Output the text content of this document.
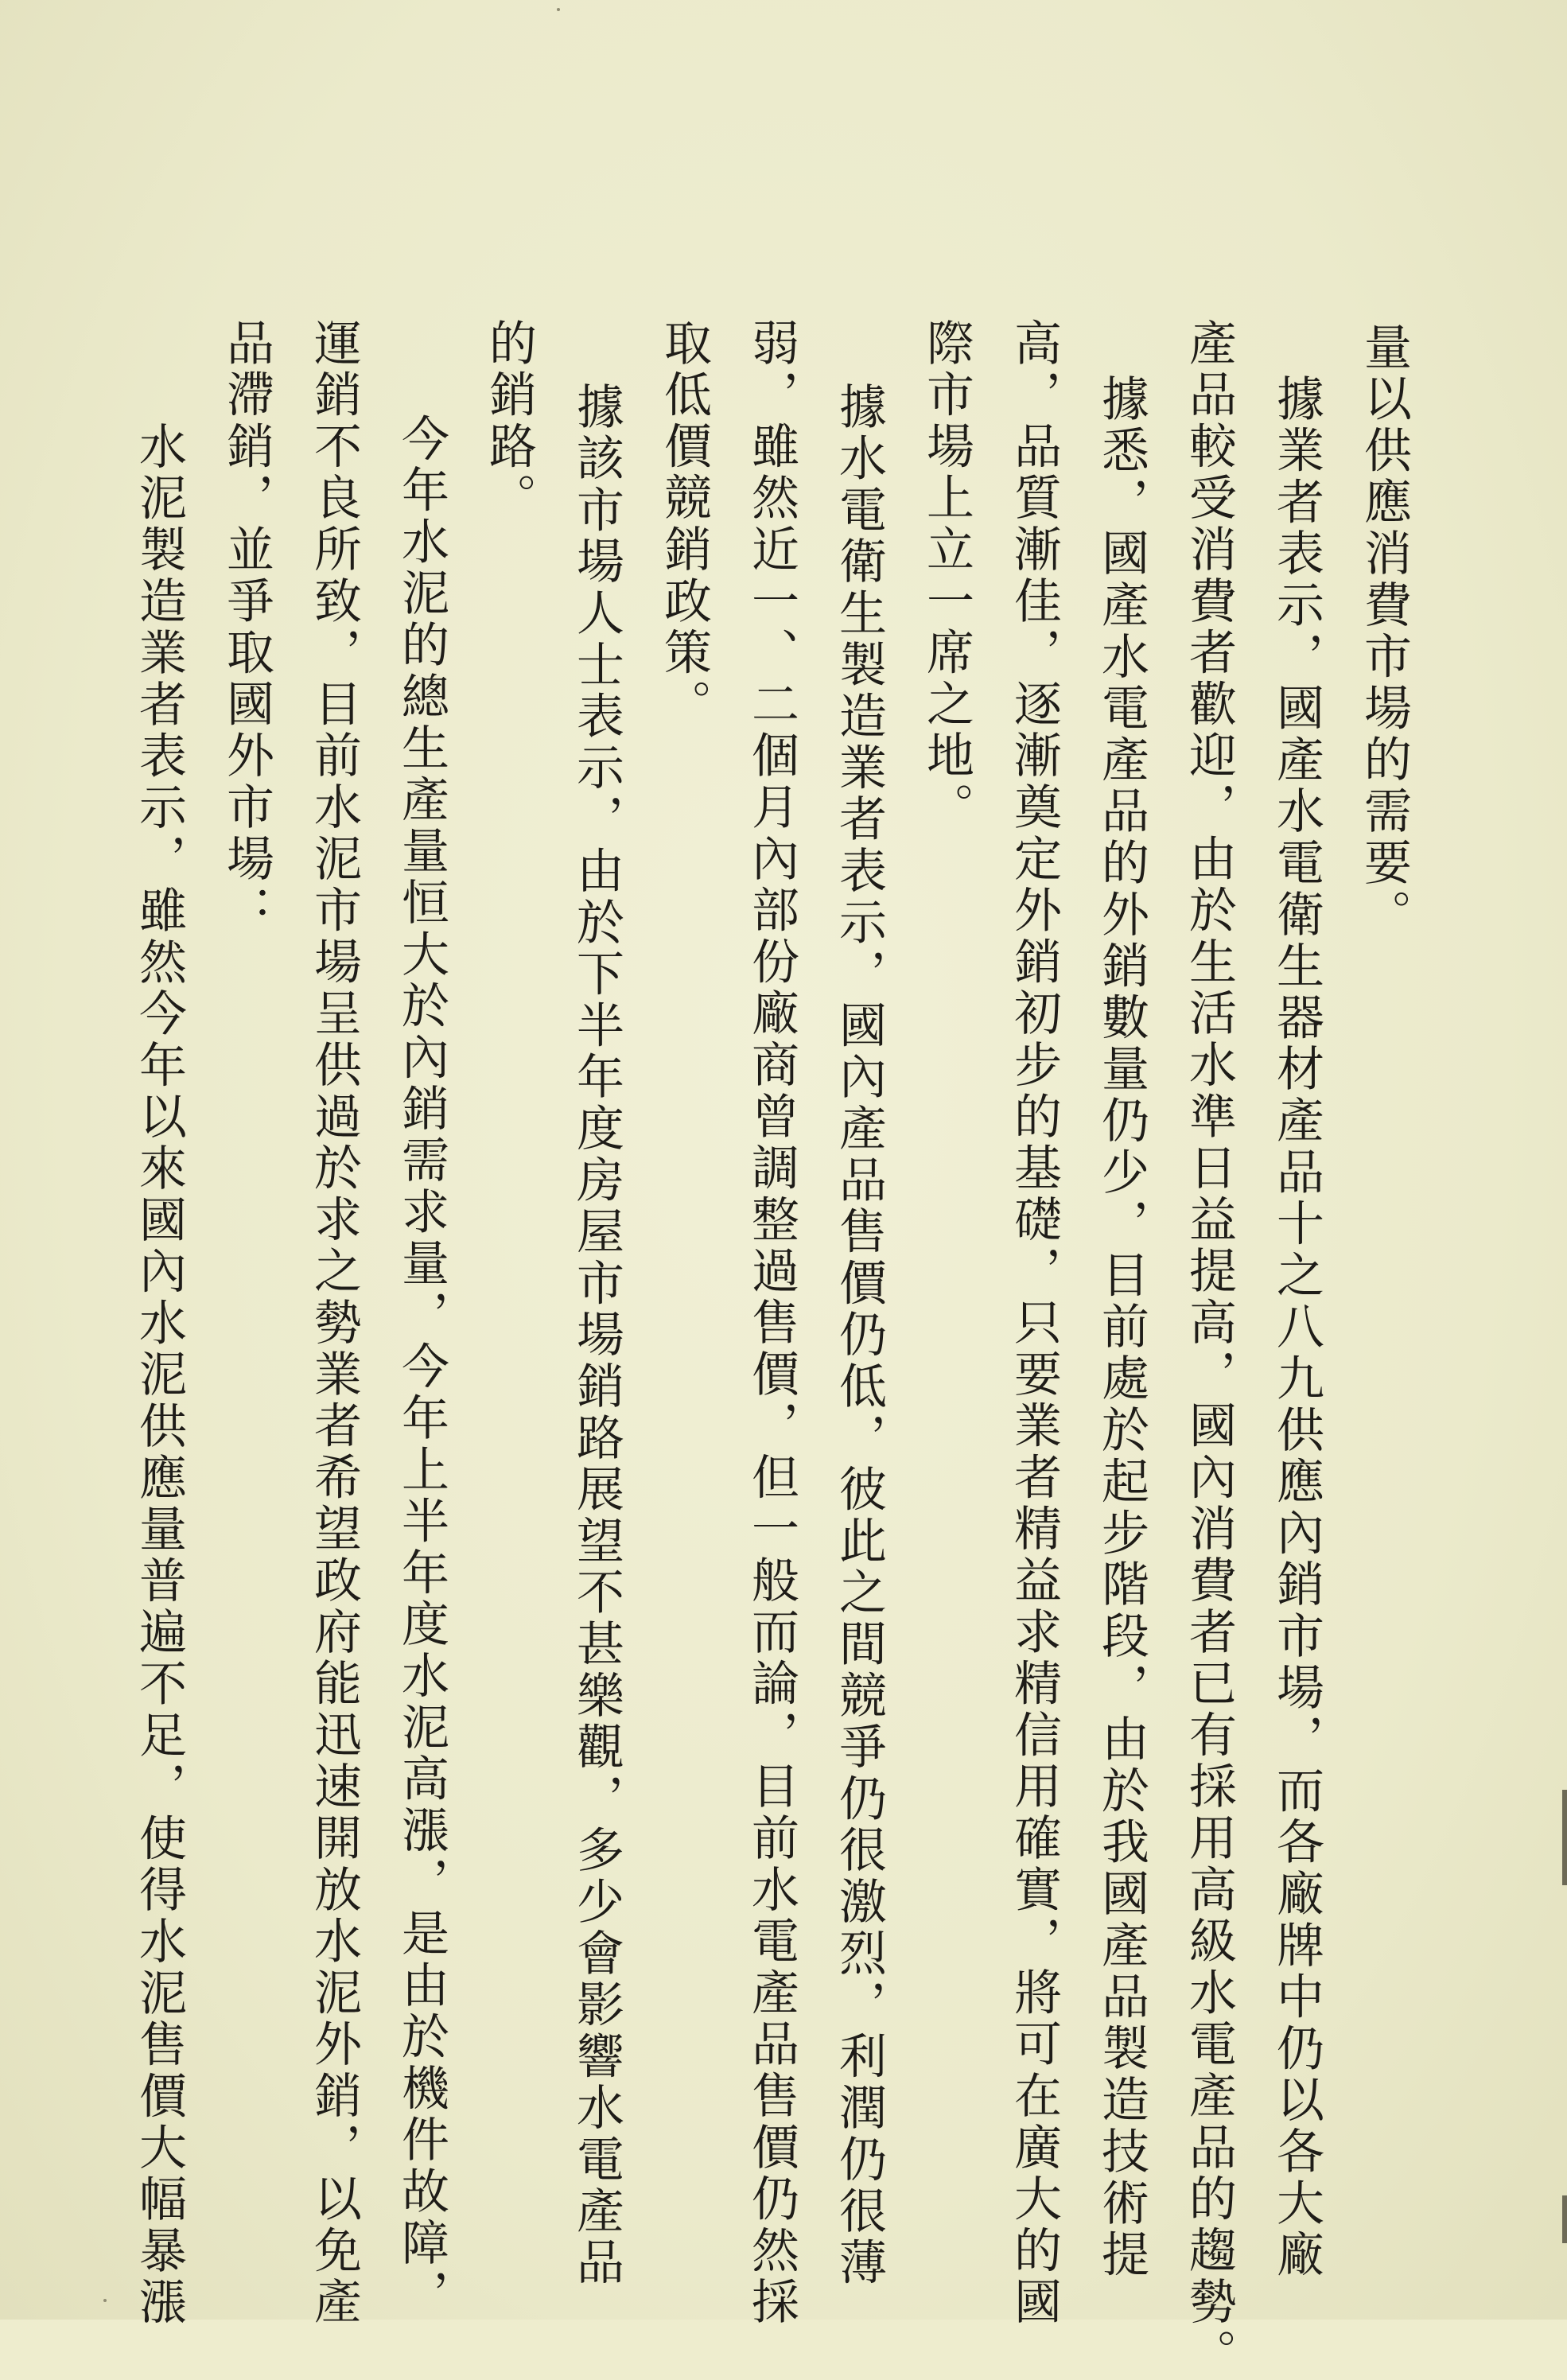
量以供應消費市場的需要。

據業者表示，國產水電衛生器材產品十之八九供應內銷市場，而各廠牌中仍以各大廠

產品較受消費者歡迎，由於生活水準日益提高，國內消費者已有採用高級水電產品的趨勢。

據悉，國產水電產品的外銷數量仍少，目前處於起步階段，由於我國產品製造技術提

高，品質漸佳，逐漸奠定外銷初步的基礎，只要業者精益求精信用確實，將可在廣大的國

際市場上立一席之地。

據水電衛生製造業者表示，國內產品售價仍低，彼此之間競爭仍很激烈，利潤仍很薄

弱，雖然近一、二個月內部份廠商曾調整過售價，但一般而論，目前水電產品售價仍然採

取低價競銷政策。

據該市場人士表示，由於下半年度房屋市場銷路展望不甚樂觀，多少會影響水電產品

的銷路。

今年水泥的總生產量恒大於內銷需求量，今年上半年度水泥高漲，是由於機件故障，

運銷不良所致，目前水泥市場呈供過於求之勢業者希望政府能迅速開放水泥外銷，以免產

品滯銷，並爭取國外市場：

水泥製造業者表示，雖然今年以來國內水泥供應量普遍不足，使得水泥售價大幅暴漲
